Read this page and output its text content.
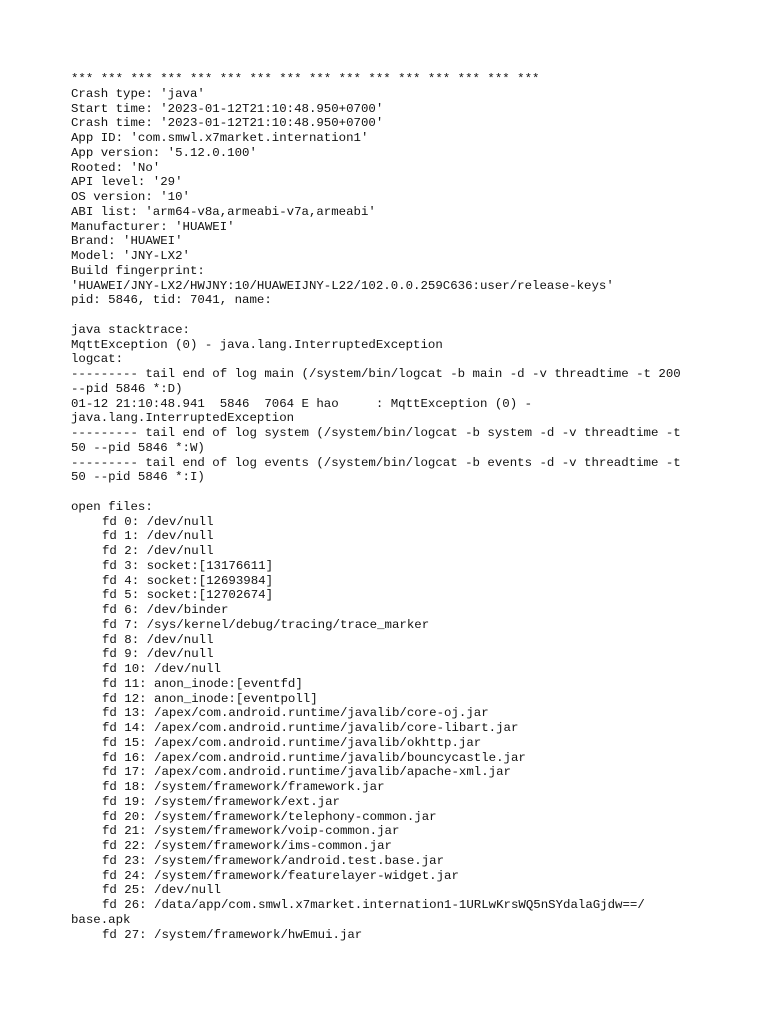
*** *** *** *** *** *** *** *** *** *** *** *** *** *** *** ***
Crash type: 'java'
Start time: '2023-01-12T21:10:48.950+0700'
Crash time: '2023-01-12T21:10:48.950+0700'
App ID: 'com.smwl.x7market.internation1'
App version: '5.12.0.100'
Rooted: 'No'
API level: '29'
OS version: '10'
ABI list: 'arm64-v8a,armeabi-v7a,armeabi'
Manufacturer: 'HUAWEI'
Brand: 'HUAWEI'
Model: 'JNY-LX2'
Build fingerprint:
'HUAWEI/JNY-LX2/HWJNY:10/HUAWEIJNY-L22/102.0.0.259C636:user/release-keys'
pid: 5846, tid: 7041, name:
java stacktrace:
MqttException (0) - java.lang.InterruptedException
logcat:
--------- tail end of log main (/system/bin/logcat -b main -d -v threadtime -t 200
--pid 5846 *:D)
01-12 21:10:48.941  5846  7064 E hao     : MqttException (0) -
java.lang.InterruptedException
--------- tail end of log system (/system/bin/logcat -b system -d -v threadtime -t
50 --pid 5846 *:W)
--------- tail end of log events (/system/bin/logcat -b events -d -v threadtime -t
50 --pid 5846 *:I)
open files:
fd 0: /dev/null
fd 1: /dev/null
fd 2: /dev/null
fd 3: socket:[13176611]
fd 4: socket:[12693984]
fd 5: socket:[12702674]
fd 6: /dev/binder
fd 7: /sys/kernel/debug/tracing/trace_marker
fd 8: /dev/null
fd 9: /dev/null
fd 10: /dev/null
fd 11: anon_inode:[eventfd]
fd 12: anon_inode:[eventpoll]
fd 13: /apex/com.android.runtime/javalib/core-oj.jar
fd 14: /apex/com.android.runtime/javalib/core-libart.jar
fd 15: /apex/com.android.runtime/javalib/okhttp.jar
fd 16: /apex/com.android.runtime/javalib/bouncycastle.jar
fd 17: /apex/com.android.runtime/javalib/apache-xml.jar
fd 18: /system/framework/framework.jar
fd 19: /system/framework/ext.jar
fd 20: /system/framework/telephony-common.jar
fd 21: /system/framework/voip-common.jar
fd 22: /system/framework/ims-common.jar
fd 23: /system/framework/android.test.base.jar
fd 24: /system/framework/featurelayer-widget.jar
fd 25: /dev/null
fd 26: /data/app/com.smwl.x7market.internation1-1URLwKrsWQ5nSYdalaGjdw==/
base.apk
fd 27: /system/framework/hwEmui.jar
